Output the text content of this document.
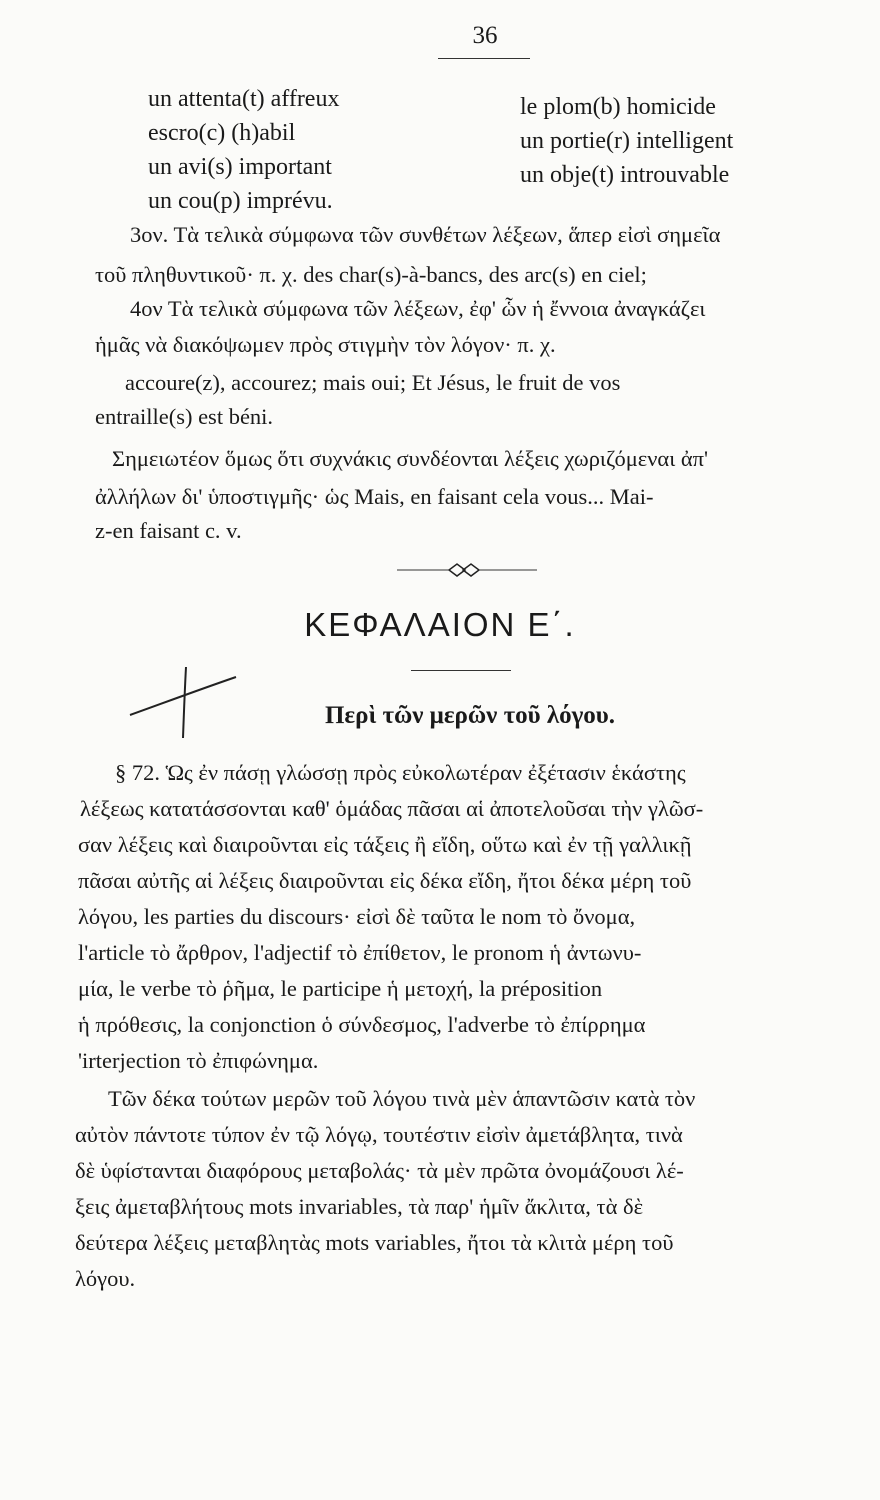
36
un attenta(t) affreux
escro(c) (h)abil
un avi(s) important
un cou(p) imprévu.
le plom(b) homicide
un portie(r) intelligent
un obje(t) introuvable
3ον. Τὰ τελικὰ σύμφωνα τῶν συνθέτων λέξεων, ἅπερ εἰσὶ σημεῖα
τοῦ πληθυντικοῦ· π. χ. des char(s)-à-bancs, des arc(s) en ciel;
4ον Τὰ τελικὰ σύμφωνα τῶν λέξεων, ἐφ' ὧν ἡ ἔννοια ἀναγκάζει
ἡμᾶς νὰ διακόψωμεν πρὸς στιγμὴν τὸν λόγον· π. χ.
accoure(z), accourez; mais oui; Et Jésus, le fruit de vos
entraille(s) est béni.
Σημειωτέον ὅμως ὅτι συχνάκις συνδέονται λέξεις χωριζόμεναι ἀπ'
ἀλλήλων δι' ὑποστιγμῆς· ὡς Mais, en faisant cela vous... Mai-
z-en faisant c. v.
ΚΕΦΑΛΑΙΟΝ Ε΄.
Περὶ τῶν μερῶν τοῦ λόγου.
§ 72. Ὡς ἐν πάσῃ γλώσσῃ πρὸς εὐκολωτέραν ἐξέτασιν ἑκάστης
λέξεως κατατάσσονται καθ' ὁμάδας πᾶσαι αἱ ἀποτελοῦσαι τὴν γλῶσ-
σαν λέξεις καὶ διαιροῦνται εἰς τάξεις ἢ εἴδη, οὕτω καὶ ἐν τῇ γαλλικῇ
πᾶσαι αὐτῆς αἱ λέξεις διαιροῦνται εἰς δέκα εἴδη, ἤτοι δέκα μέρη τοῦ
λόγου, les parties du discours· εἰσὶ δὲ ταῦτα le nom τὸ ὄνομα,
l'article τὸ ἄρθρον, l'adjectif τὸ ἐπίθετον, le pronom ἡ ἀντωνυ-
μία, le verbe τὸ ῥῆμα, le participe ἡ μετοχή, la préposition
ἡ πρόθεσις, la conjonction ὁ σύνδεσμος, l'adverbe τὸ ἐπίρρημα
'irterjection τὸ ἐπιφώνημα.
Τῶν δέκα τούτων μερῶν τοῦ λόγου τινὰ μὲν ἁπαντῶσιν κατὰ τὸν
αὐτὸν πάντοτε τύπον ἐν τῷ λόγῳ, τουτέστιν εἰσὶν ἀμετάβλητα, τινὰ
δὲ ὑφίστανται διαφόρους μεταβολάς· τὰ μὲν πρῶτα ὀνομάζουσι λέ-
ξεις ἀμεταβλήτους mots invariables, τὰ παρ' ἡμῖν ἄκλιτα, τὰ δὲ
δεύτερα λέξεις μεταβλητὰς mots variables, ἤτοι τὰ κλιτὰ μέρη τοῦ
λόγου.
